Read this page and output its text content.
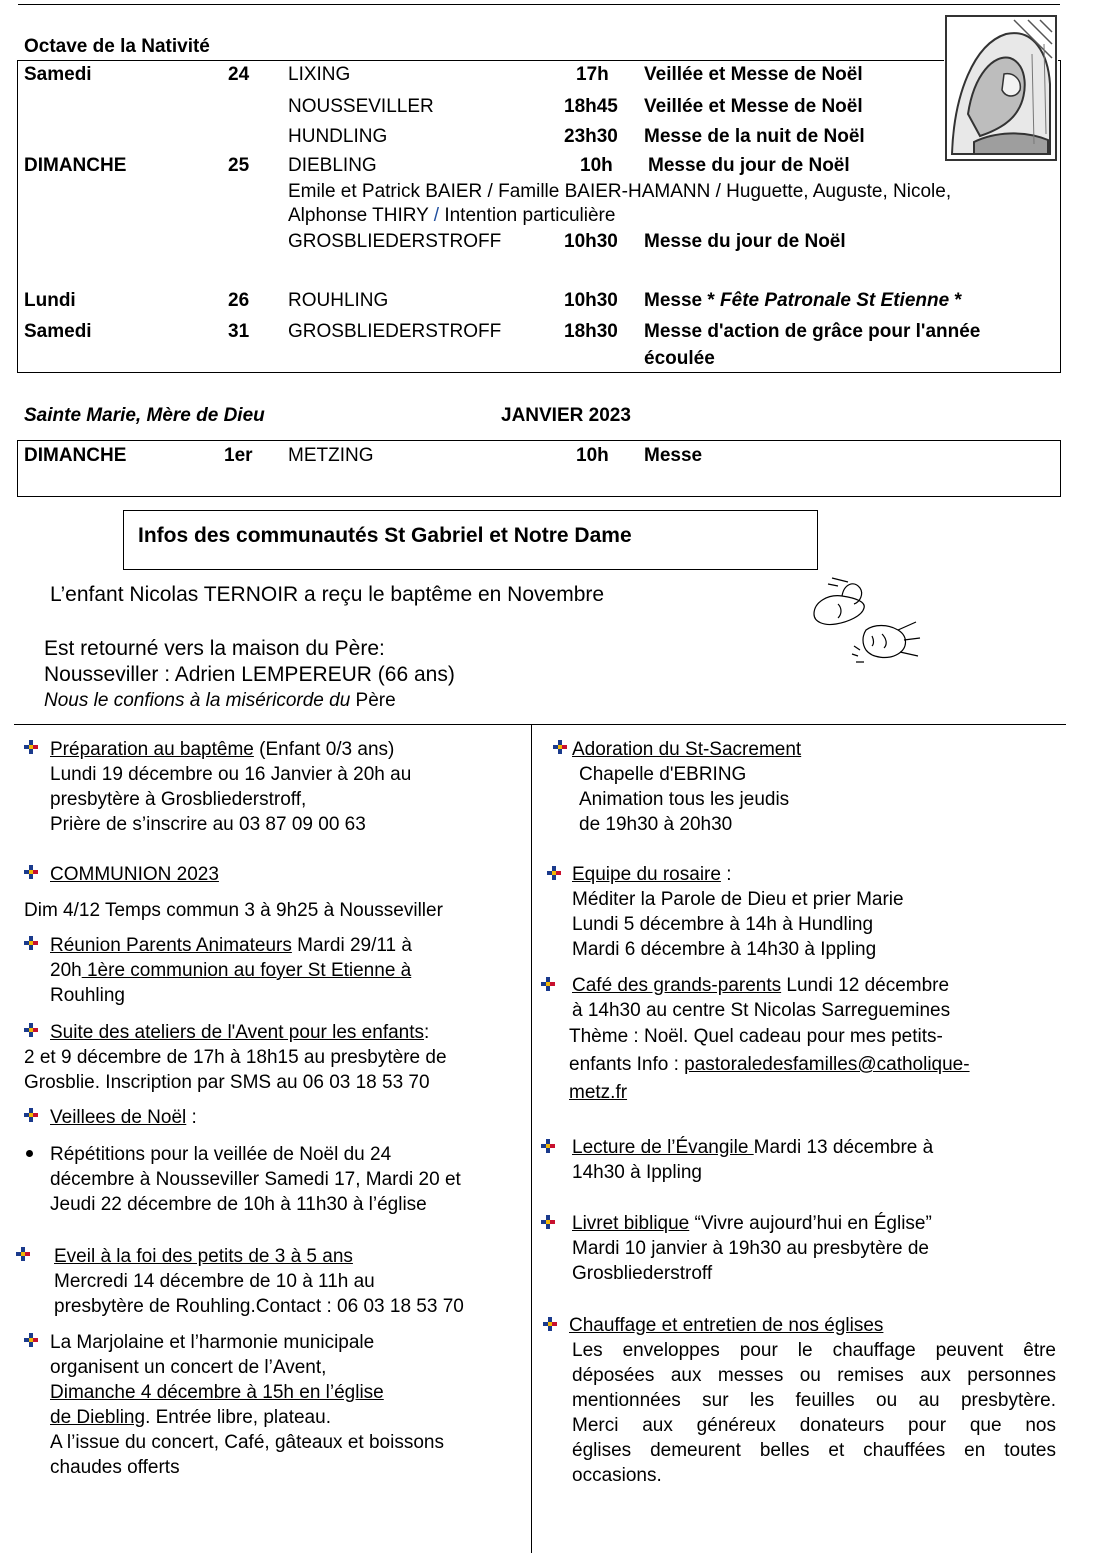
Octave de la Nativité
Samedi	24 LIXING	17h Veillée et Messe de Noël
NOUSSEVILLER	18h45 Veillée et Messe de Noël
HUNDLING	23h30 Messe de la nuit de Noël
DIMANCHE	25 DIEBLING	10h Messe du jour de Noël
Emile et Patrick BAIER / Famille BAIER-HAMANN / Huguette, Auguste, Nicole,
Alphonse THIRY / Intention particulière
GROSBLIEDERSTROFF	10h30 Messe du jour de Noël
Lundi	26 ROUHLING	10h30 Messe * Fête Patronale St Etienne *
Samedi	31 GROSBLIEDERSTROFF	18h30 Messe d'action de grâce pour l'année
écoulée
Sainte Marie, Mère de Dieu	JANVIER 2023
DIMANCHE	1er METZING	10h Messe
Infos des communautés St Gabriel et Notre Dame
L’enfant Nicolas TERNOIR a reçu le baptême en Novembre
Est retourné vers la maison du Père:
Nousseviller : Adrien LEMPEREUR (66 ans)
Nous le confions à la miséricorde du Père
Préparation au baptême (Enfant 0/3 ans)
Lundi 19 décembre ou 16 Janvier à 20h au
presbytère à Grosbliederstroff,
Prière de s’inscrire au 03 87 09 00 63
COMMUNION 2023
Dim 4/12 Temps commun 3 à 9h25 à Nousseviller
Réunion Parents Animateurs Mardi 29/11 à
20h 1ère communion au foyer St Etienne à
Rouhling
Suite des ateliers de l'Avent pour les enfants:
2 et 9 décembre de 17h à 18h15 au presbytère de
Grosblie. Inscription par SMS au 06 03 18 53 70
Veillees de Noël :
Répétitions pour la veillée de Noël du 24
décembre à Nousseviller Samedi 17, Mardi 20 et
Jeudi 22 décembre de 10h à 11h30 à l’église
Eveil à la foi des petits de 3 à 5 ans
Mercredi 14 décembre de 10 à 11h au
presbytère de Rouhling.Contact : 06 03 18 53 70
La Marjolaine et l’harmonie municipale
organisent un concert de l’Avent,
Dimanche 4 décembre à 15h en l’église
de Diebling. Entrée libre, plateau.
A l’issue du concert, Café, gâteaux et boissons
chaudes offerts
Adoration du St-Sacrement
Chapelle d'EBRING
Animation tous les jeudis
de 19h30 à 20h30
Equipe du rosaire :
Méditer la Parole de Dieu et prier Marie
Lundi 5 décembre à 14h à Hundling
Mardi 6 décembre à 14h30 à Ippling
Café des grands-parents Lundi 12 décembre
à 14h30 au centre St Nicolas Sarreguemines
Thème : Noël. Quel cadeau pour mes petits-
enfants Info : pastoraledesfamilles@catholique-
metz.fr
Lecture de l’Évangile Mardi 13 décembre à
14h30 à Ippling
Livret biblique “Vivre aujourd’hui en Église”
Mardi 10 janvier à 19h30 au presbytère de
Grosbliederstroff
Chauffage et entretien de nos églises
Les enveloppes pour le chauffage peuvent être
déposées aux messes ou remises aux personnes
mentionnées sur les feuilles ou au presbytère.
Merci aux généreux donateurs pour que nos
églises demeurent belles et chauffées en toutes
occasions.
